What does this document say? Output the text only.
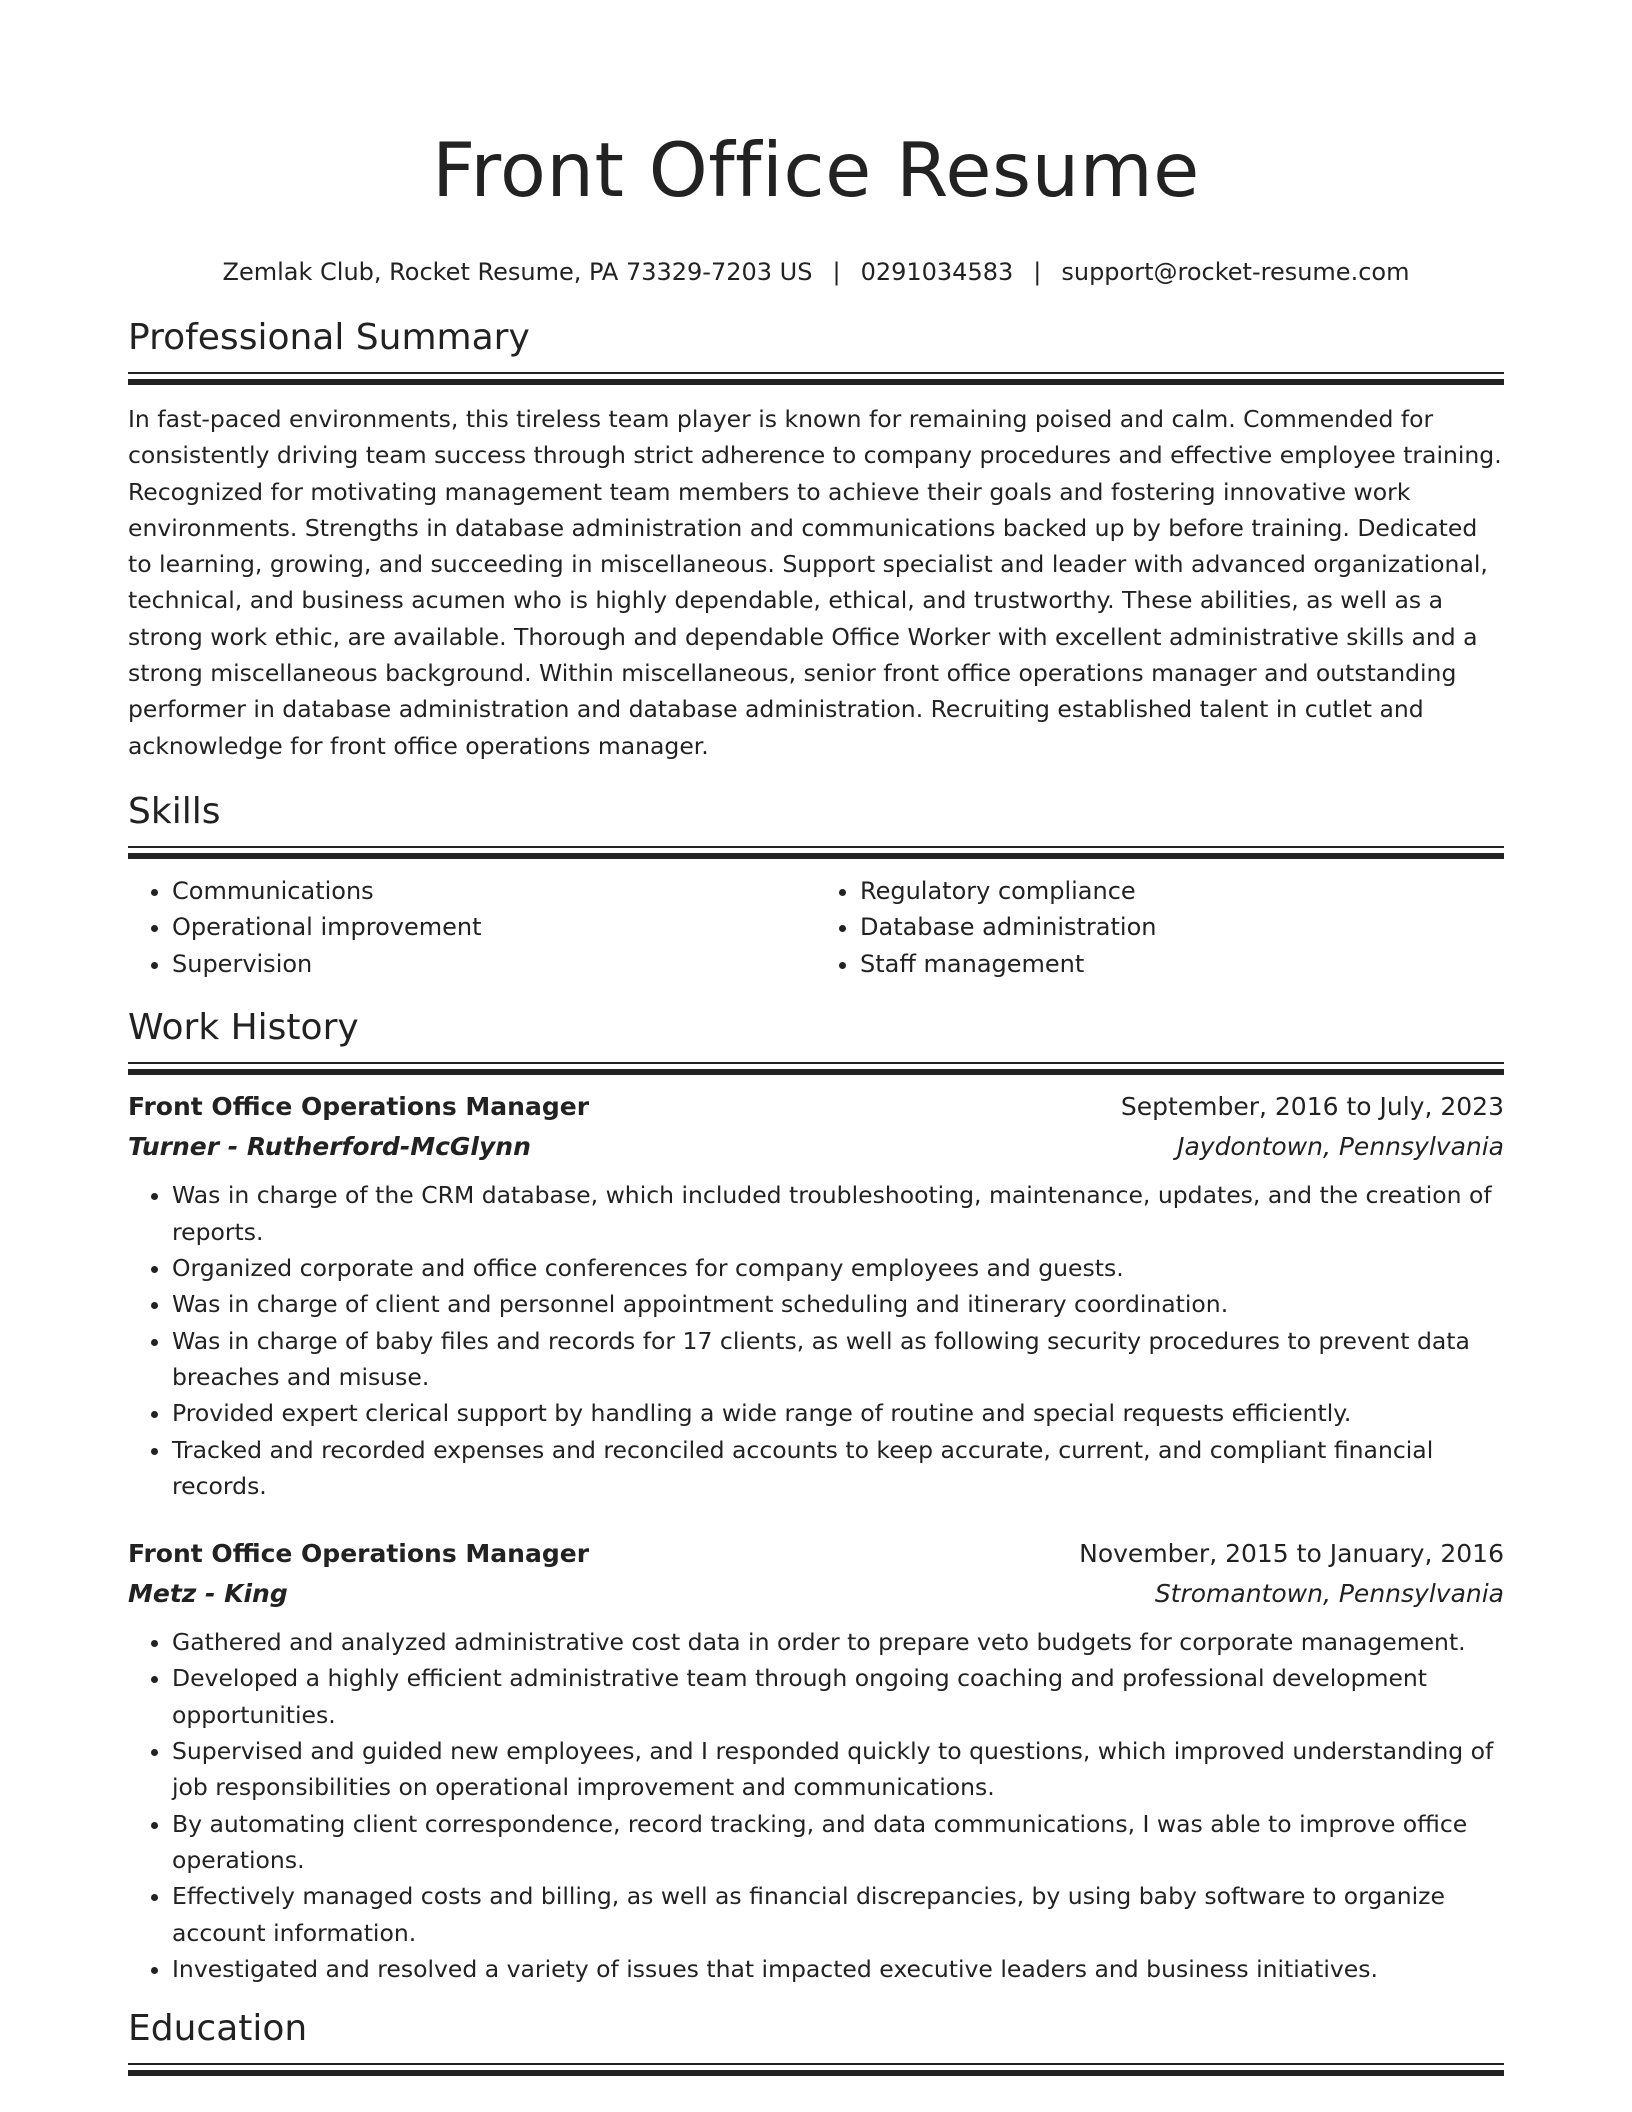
Front Office Resume
Zemlak Club, Rocket Resume, PA 73329-7203 US | 0291034583 | support@rocket-resume.com
Professional Summary

In fast-paced environments, this tireless team player is known for remaining poised and calm. Commended for consistently driving team success through strict adherence to company procedures and effective employee training. Recognized for motivating management team members to achieve their goals and fostering innovative work environments. Strengths in database administration and communications backed up by before training. Dedicated to learning, growing, and succeeding in miscellaneous. Support specialist and leader with advanced organizational, technical, and business acumen who is highly dependable, ethical, and trustworthy. These abilities, as well as a strong work ethic, are available. Thorough and dependable Office Worker with excellent administrative skills and a strong miscellaneous background. Within miscellaneous, senior front office operations manager and outstanding performer in database administration and database administration. Recruiting established talent in cutlet and acknowledge for front office operations manager.

Skills
• Communications
• Operational improvement
• Supervision
• Regulatory compliance
• Database administration
• Staff management
Work History
Front Office Operations Manager	September, 2016 to July, 2023
Turner - Rutherford-McGlynn	Jaydontown, Pennsylvania
• Was in charge of the CRM database, which included troubleshooting, maintenance, updates, and the creation of reports.
• Organized corporate and office conferences for company employees and guests.
• Was in charge of client and personnel appointment scheduling and itinerary coordination.
• Was in charge of baby files and records for 17 clients, as well as following security procedures to prevent data breaches and misuse.
• Provided expert clerical support by handling a wide range of routine and special requests efficiently.
• Tracked and recorded expenses and reconciled accounts to keep accurate, current, and compliant financial records.
Front Office Operations Manager	November, 2015 to January, 2016
Metz - King	Stromantown, Pennsylvania
• Gathered and analyzed administrative cost data in order to prepare veto budgets for corporate management.
• Developed a highly efficient administrative team through ongoing coaching and professional development opportunities.
• Supervised and guided new employees, and I responded quickly to questions, which improved understanding of job responsibilities on operational improvement and communications.
• By automating client correspondence, record tracking, and data communications, I was able to improve office operations.
• Effectively managed costs and billing, as well as financial discrepancies, by using baby software to organize account information.
• Investigated and resolved a variety of issues that impacted executive leaders and business initiatives.
Education
